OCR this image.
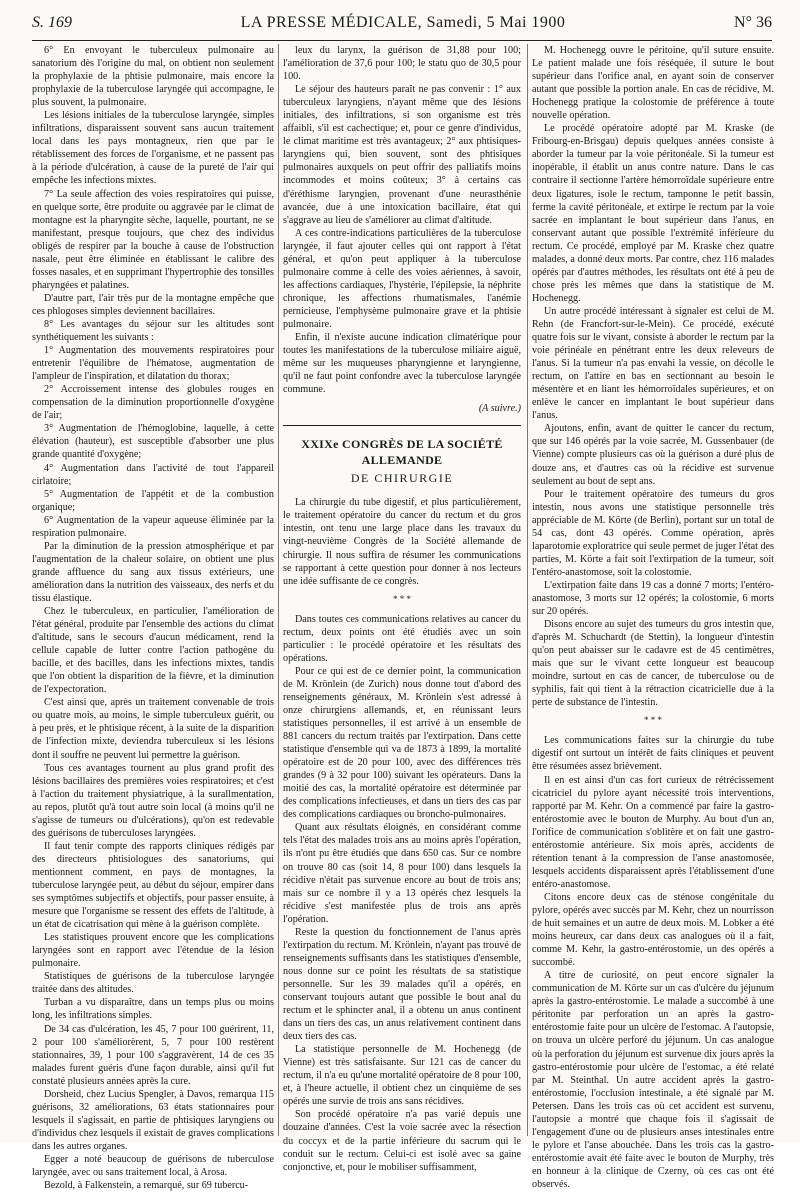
S. 169	LA PRESSE MÉDICALE, Samedi, 5 Mai 1900	N° 36

6° En envoyant le tuberculeux pulmonaire au sanatorium dès l'origine du mal, on obtient non seulement la prophylaxie de la phtisie pulmonaire, mais encore la prophylaxie de la tuberculose laryngée qui accompagne, le plus souvent, la pulmonaire.

Les lésions initiales de la tuberculose laryngée, simples infiltrations, disparaissent souvent sans aucun traitement local dans les pays montagneux, rien que par le rétablissement des forces de l'organisme, et ne passent pas à la période d'ulcération, à cause de la pureté de l'air qui empêche les infections mixtes.

7° La seule affection des voies respiratoires qui puisse, en quelque sorte, être produite ou aggravée par le climat de montagne est la pharyngite sèche, laquelle, pourtant, ne se manifestant, presque toujours, que chez des individus obligés de respirer par la bouche à cause de l'obstruction nasale, peut être éliminée en établissant le calibre des fosses nasales, et en supprimant l'hypertrophie des tonsilles pharyngées et palatines.

D'autre part, l'air très pur de la montagne empêche que ces phlogoses simples deviennent bacillaires.

8° Les avantages du séjour sur les altitudes sont synthétiquement les suivants :

1° Augmentation des mouvements respiratoires pour entretenir l'équilibre de l'hématose, augmentation de l'ampleur de l'inspiration, et dilatation du thorax;

2° Accroissement intense des globules rouges en compensation de la diminution proportionnelle d'oxygène de l'air;

3° Augmentation de l'hémoglobine, laquelle, à cette élévation (hauteur), est susceptible d'absorber une plus grande quantité d'oxygène;

4° Augmentation dans l'activité de tout l'appareil cirlatoire;

5° Augmentation de l'appétit et de la combustion organique;

6° Augmentation de la vapeur aqueuse éliminée par la respiration pulmonaire.

Par la diminution de la pression atmosphérique et par l'augmentation de la chaleur solaire, on obtient une plus grande affluence du sang aux tissus extérieurs, une amélioration dans la nutrition des vaisseaux, des nerfs et du tissu élastique.

Chez le tuberculeux, en particulier, l'amélioration de l'état général, produite par l'ensemble des actions du climat d'altitude, sans le secours d'aucun médicament, rend la cellule capable de lutter contre l'action pathogène du bacille, et des bacilles, dans les infections mixtes, tandis que l'on obtient la disparition de la fièvre, et la diminution de l'expectoration.

C'est ainsi que, après un traitement convenable de trois ou quatre mois, au moins, le simple tuberculeux guérit, ou à peu près, et le phtisique récent, à la suite de la disparition de l'infection mixte, deviendra tuberculeux si les lésions dont il souffre ne peuvent lui permettre la guérison.

Tous ces avantages tournent au plus grand profit des lésions bacillaires des premières voies respiratoires; et c'est à l'action du traitement physiatrique, à la surallmentation, au repos, plutôt qu'à tout autre soin local (à moins qu'il ne s'agisse de tumeurs ou d'ulcérations), qu'on est redevable des guérisons de tuberculoses laryngées.

Il faut tenir compte des rapports cliniques rédigés par des directeurs phtisiologues des sanatoriums, qui mentionnent comment, en pays de montagnes, la tuberculose laryngée peut, au début du séjour, empirer dans ses symptômes subjectifs et objectifs, pour passer ensuite, à mesure que l'organisme se ressent des effets de l'altitude, à un état de cicatrisation qui mène à la guérison complète.

Les statistiques prouvent encore que les complications laryngées sont en rapport avec l'étendue de la lésion pulmonaire.

Statistiques de guérisons de la tuberculose laryngée traitée dans des altitudes.

Turban a vu disparaître, dans un temps plus ou moins long, les infiltrations simples.

De 34 cas d'ulcération, les 45, 7 pour 100 guérirent, 11, 2 pour 100 s'améliorèrent, 5, 7 pour 100 restèrent stationnaires, 39, 1 pour 100 s'aggravèrent, 14 de ces 35 malades furent guéris d'une façon durable, ainsi qu'il fut constaté plusieurs années après la cure.

Dorsheid, chez Lucius Spengler, à Davos, remarqua 115 guérisons, 32 améliorations, 63 états stationnaires pour lesquels il s'agissait, en partie de phtisiques laryngiens ou d'individus chez lesquels il existait de graves complications dans les autres organes.

Egger a noté beaucoup de guérisons de tuberculose laryngée, avec ou sans traitement local, à Arosa.

Bezold, à Falkenstein, a remarqué, sur 69 tubercu-

leux du larynx, la guérison de 31,88 pour 100; l'amélioration de 37,6 pour 100; le statu quo de 30,5 pour 100.

Le séjour des hauteurs paraît ne pas convenir : 1° aux tuberculeux laryngiens, n'ayant même que des lésions initiales, des infiltrations, si son organisme est très affaibli, s'il est cachectique; et, pour ce genre d'individus, le climat maritime est très avantageux; 2° aux phtisiques-laryngiens qui, bien souvent, sont des phtisiques pulmonaires auxquels on peut offrir des palliatifs moins incommodes et moins coûteux; 3° à certains cas d'éréthisme laryngien, provenant d'une neurasthénie avancée, due à une intoxication bacillaire, état qui s'aggrave au lieu de s'améliorer au climat d'altitude.

A ces contre-indications particulières de la tuberculose laryngée, il faut ajouter celles qui ont rapport à l'état général, et qu'on peut appliquer à la tuberculose pulmonaire comme à celle des voies aériennes, à savoir, les affections cardiaques, l'hystérie, l'épilepsie, la néphrite chronique, les affections rhumatismales, l'anémie pernicieuse, l'emphysème pulmonaire grave et la phtisie pulmonaire.

Enfin, il n'existe aucune indication climatérique pour toutes les manifestations de la tuberculose miliaire aiguë, même sur les muqueuses pharyngienne et laryngienne, qu'il ne faut point confondre avec la tuberculose laryngée commune.

(A suivre.)
XXIXe CONGRÈS DE LA SOCIÉTÉ ALLEMANDE
DE CHIRURGIE

La chirurgie du tube digestif, et plus particulièrement, le traitement opératoire du cancer du rectum et du gros intestin, ont tenu une large place dans les travaux du vingt-neuvième Congrès de la Société allemande de chirurgie. Il nous suffira de résumer les communications se rapportant à cette question pour donner à nos lecteurs une idée suffisante de ce congrès.

* * *

Dans toutes ces communications relatives au cancer du rectum, deux points ont été étudiés avec un soin particulier : le procédé opératoire et les résultats des opérations.

Pour ce qui est de ce dernier point, la communication de M. Krönlein (de Zurich) nous donne tout d'abord des renseignements généraux, M. Krönlein s'est adressé à onze chirurgiens allemands, et, en réunissant leurs statistiques personnelles, il est arrivé à un ensemble de 881 cancers du rectum traités par l'extirpation. Dans cette statistique d'ensemble qui va de 1873 à 1899, la mortalité opératoire est de 20 pour 100, avec des différences très grandes (9 à 32 pour 100) suivant les opérateurs. Dans la moitié des cas, la mortalité opératoire est déterminée par des complications infectieuses, et dans un tiers des cas par des complications cardiaques ou broncho-pulmonaires.

Quant aux résultats éloignés, en considérant comme tels l'état des malades trois ans au moins après l'opération, ils n'ont pu être étudiés que dans 650 cas. Sur ce nombre on trouve 80 cas (soit 14, 8 pour 100) dans lesquels la récidive n'était pas survenue encore au bout de trois ans; mais sur ce nombre il y a 13 opérés chez lesquels la récidive s'est manifestée plus de trois ans après l'opération.

Reste la question du fonctionnement de l'anus après l'extirpation du rectum. M. Krönlein, n'ayant pas trouvé de renseignements suffisants dans les statistiques d'ensemble, nous donne sur ce point les résultats de sa statistique personnelle. Sur les 39 malades qu'il a opérés, en conservant toujours autant que possible le bout anal du rectum et le sphincter anal, il a obtenu un anus continent dans un tiers des cas, un anus relativement continent dans deux tiers des cas.

La statistique personnelle de M. Hochenegg (de Vienne) est très satisfaisante. Sur 121 cas de cancer du rectum, il n'a eu qu'une mortalité opératoire de 8 pour 100, et, à l'heure actuelle, il obtient chez un cinquième de ses opérés une survie de trois ans sans récidives.

Son procédé opératoire n'a pas varié depuis une douzaine d'années. C'est la voie sacrée avec la résection du coccyx et de la partie inférieure du sacrum qui le conduit sur le rectum. Celui-ci est isolé avec sa gaine conjonctive, et, pour le mobiliser suffisamment,

M. Hochenegg ouvre le péritoine, qu'il suture ensuite. Le patient malade une fois réséquée, il suture le bout supérieur dans l'orifice anal, en ayant soin de conserver autant que possible la portion anale. En cas de récidive, M. Hochenegg pratique la colostomie de préférence à toute nouvelle opération.

Le procédé opératoire adopté par M. Kraske (de Fribourg-en-Brisgau) depuis quelques années consiste à aborder la tumeur par la voie péritonéale. Si la tumeur est inopérable, il établit un anus contre nature. Dans le cas contraire il sectionne l'artère hémorroïdale supérieure entre deux ligatures, isole le rectum, tamponne le petit bassin, ferme la cavité péritonéale, et extirpe le rectum par la voie sacrée en implantant le bout supérieur dans l'anus, en conservant autant que possible l'extrémité inférieure du rectum. Ce procédé, employé par M. Kraske chez quatre malades, a donné deux morts. Par contre, chez 116 malades opérés par d'autres méthodes, les résultats ont été à peu de chose près les mêmes que dans la statistique de M. Hochenegg.

Un autre procédé intéressant à signaler est celui de M. Rehn (de Francfort-sur-le-Mein). Ce procédé, exécuté quatre fois sur le vivant, consiste à aborder le rectum par la voie périnéale en pénétrant entre les deux releveurs de l'anus. Si la tumeur n'a pas envahi la vessie, on décolle le rectum, on l'attire en bas en sectionnant au besoin le mésentère et en liant les hémorroïdales supérieures, et on enlève le cancer en implantant le bout supérieur dans l'anus.

Ajoutons, enfin, avant de quitter le cancer du rectum, que sur 146 opérés par la voie sacrée, M. Gussenbauer (de Vienne) compte plusieurs cas où la guérison a duré plus de douze ans, et d'autres cas où la récidive est survenue seulement au bout de sept ans.

Pour le traitement opératoire des tumeurs du gros intestin, nous avons une statistique personnelle très appréciable de M. Körte (de Berlin), portant sur un total de 54 cas, dont 43 opérés. Comme opération, après laparotomie exploratrice qui seule permet de juger l'état des parties, M. Körte a fait soit l'extirpation de la tumeur, soit l'entéro-anastomose, soit la colostomie.

L'extirpation faite dans 19 cas a donné 7 morts; l'entéro-anastomose, 3 morts sur 12 opérés; la colostomie, 6 morts sur 20 opérés.

Disons encore au sujet des tumeurs du gros intestin que, d'après M. Schuchardt (de Stettin), la longueur d'intestin qu'on peut abaisser sur le cadavre est de 45 centimètres, mais que sur le vivant cette longueur est beaucoup moindre, surtout en cas de cancer, de tuberculose ou de syphilis, fait qui tient à la rétraction cicatricielle due à la perte de substance de l'intestin.

* * *

Les communications faites sur la chirurgie du tube digestif ont surtout un intérêt de faits cliniques et peuvent être résumées assez brièvement.

Il en est ainsi d'un cas fort curieux de rétrécissement cicatriciel du pylore ayant nécessité trois interventions, rapporté par M. Kehr. On a commencé par faire la gastro-entérostomie avec le bouton de Murphy. Au bout d'un an, l'orifice de communication s'oblitère et on fait une gastro-entérostomie antérieure. Six mois après, accidents de rétention tenant à la compression de l'anse anastomosée, lesquels accidents disparaissent après l'établissement d'une entéro-anastomose.

Citons encore deux cas de sténose congénitale du pylore, opérés avec succès par M. Kehr, chez un nourrisson de huit semaines et un autre de deux mois. M. Lobker a été moins heureux, car dans deux cas analogues où il a fait, comme M. Kehr, la gastro-entérostomie, un des opérés a succombé.

A titre de curiosité, on peut encore signaler la communication de M. Körte sur un cas d'ulcère du jéjunum après la gastro-entérostomie. Le malade a succombé à une péritonite par perforation un an après la gastro-entérostomie faite pour un ulcère de l'estomac. A l'autopsie, on trouva un ulcère perforé du jéjunum. Un cas analogue où la perforation du jéjunum est survenue dix jours après la gastro-entérostomie pour ulcère de l'estomac, a été relaté par M. Steinthal. Un autre accident après la gastro-entérostomie, l'occlusion intestinale, a été signalé par M. Petersen. Dans les trois cas où cet accident est survenu, l'autopsie a montré que chaque fois il s'agissait de l'engagement d'une ou de plusieurs anses intestinales entre le pylore et l'anse abouchée. Dans les trois cas la gastro-entérostomie avait été faite avec le bouton de Murphy, très en honneur à la clinique de Czerny, où ces cas ont été observés.
